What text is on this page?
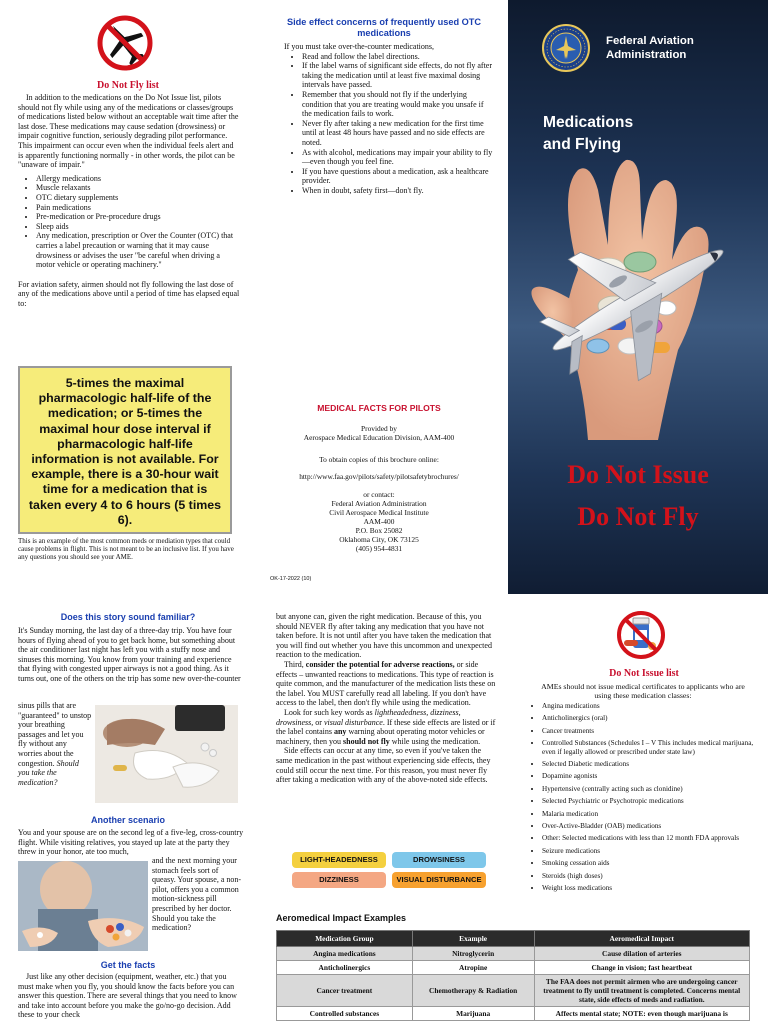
Do Not Fly list

In addition to the medications on the Do Not Issue list, pilots should not fly while using any of the medications or classes/groups of medications listed below without an acceptable wait time after the last dose. These medications may cause sedation (drowsiness) or impair cognitive function, seriously degrading pilot performance. This impairment can occur even when the individual feels alert and is apparently functioning normally - in other words, the pilot can be "unaware of impair."

• Allergy medications
• Muscle relaxants
• OTC dietary supplements
• Pain medications
• Pre-medication or Pre-procedure drugs
• Sleep aids
• Any medication, prescription or Over the Counter (OTC) that carries a label precaution or warning that it may cause drowsiness or advises the user "be careful when driving a motor vehicle or operating machinery."

For aviation safety, airmen should not fly following the last dose of any of the medications above until a period of time has elapsed equal to:

5-times the maximal pharmacologic half-life of the medication; or 5-times the maximal hour dose interval if pharmacologic half-life information is not available. For example, there is a 30-hour wait time for a medication that is taken every 4 to 6 hours (5 times 6).
This is an example of the most common meds or mediation types that could cause problems in flight. This is not meant to be an inclusive list. If you have any questions you should see your AME.
Side effect concerns of frequently used OTC medications

If you must take over-the-counter medications,

• Read and follow the label directions.
• If the label warns of significant side effects, do not fly after taking the medication until at least five maximal dosing intervals have passed.
• Remember that you should not fly if the underlying condition that you are treating would make you unsafe if the medication fails to work.
• Never fly after taking a new medication for the first time until at least 48 hours have passed and no side effects are noted.
• As with alcohol, medications may impair your ability to fly—even though you feel fine.
• If you have questions about a medication, ask a healthcare provider.
• When in doubt, safety first—don't fly.
MEDICAL FACTS FOR PILOTS
Provided by
Aerospace Medical Education Division, AAM-400
To obtain copies of this brochure online:
http://www.faa.gov/pilots/safety/pilotsafetybrochures/
or contact:
Federal Aviation Administration
Civil Aerospace Medical Institute
AAM-400
P.O. Box 25082
Oklahoma City, OK 73125
(405) 954-4831
OK-17-2022 (10)
Federal Aviation
Administration
Medications
and Flying
Do Not Issue
Do Not Fly
Does this story sound familiar?
It's Sunday morning, the last day of a three-day trip. You have four hours of flying ahead of you to get back home, but something about the air conditioner last night has left you with a stuffy nose and sinuses this morning. You know from your training and experience that flying with congested upper airways is not a good thing. As it turns out, one of the others on the trip has some new over-the-counter
sinus pills that are "guaranteed" to unstop your breathing passages and let you fly without any worries about the congestion. Should you take the medication?
Another scenario
You and your spouse are on the second leg of a five-leg, cross-country flight. While visiting relatives, you stayed up late at the party they threw in your honor, ate too much,
and the next morning your stomach feels sort of queasy. Your spouse, a non-pilot, offers you a common motion-sickness pill prescribed by her doctor. Should you take the medication?
Get the facts
Just like any other decision (equipment, weather, etc.) that you must make when you fly, you should know the facts before you can answer this question. There are several things that you need to know and take into account before you make the go/no-go decision. Add these to your check

but anyone can, given the right medication. Because of this, you should NEVER fly after taking any medication that you have not taken before. It is not until after you have taken the medication that you will find out whether you have this uncommon and unexpected reaction to the medication.

Third, consider the potential for adverse reactions, or side effects – unwanted reactions to medications. This type of reaction is quite common, and the manufacturer of the medication lists these on the label. You MUST carefully read all labeling. If you don't have access to the label, then don't fly while using the medication.

Look for such key words as lightheadedness, dizziness, drowsiness, or visual disturbance. If these side effects are listed or if the label contains any warning about operating motor vehicles or machinery, then you should not fly while using the medication.

Side effects can occur at any time, so even if you've taken the same medication in the past without experiencing side effects, they could still occur the next time. For this reason, you must never fly after taking a medication with any of the above-noted side effects.

LIGHT-HEADEDNESS	DROWSINESS
DIZZINESS	VISUAL DISTURBANCE
Aeromedical Impact Examples
Medication Group	Example	Aeromedical Impact
Angina medications	Nitroglycerin	Cause dilation of arteries
Anticholinergics	Atropine	Change in vision; fast heartbeat
Cancer treatment	Chemotherapy & Radiation	The FAA does not permit airmen who are undergoing cancer treatment to fly until treatment is completed. Concerns mental state, side effects of meds and radiation.
Controlled substances	Marijuana	Affects mental state; NOTE: even though marijuana is
Do Not Issue list
AMEs should not issue medical certificates to applicants who are using these medication classes:
• Angina medications
• Anticholinergics (oral)
• Cancer treatments
• Controlled Substances (Schedules I – V This includes medical marijuana, even if legally allowed or prescribed under state law)
• Selected Diabetic medications
• Dopamine agonists
• Hypertensive (centrally acting such as clonidine)
• Selected Psychiatric or Psychotropic medications
• Malaria medication
• Over-Active-Bladder (OAB) medications
• Other: Selected medications with less than 12 month FDA approvals
• Seizure medications
• Smoking cessation aids
• Steroids (high doses)
• Weight loss medications
